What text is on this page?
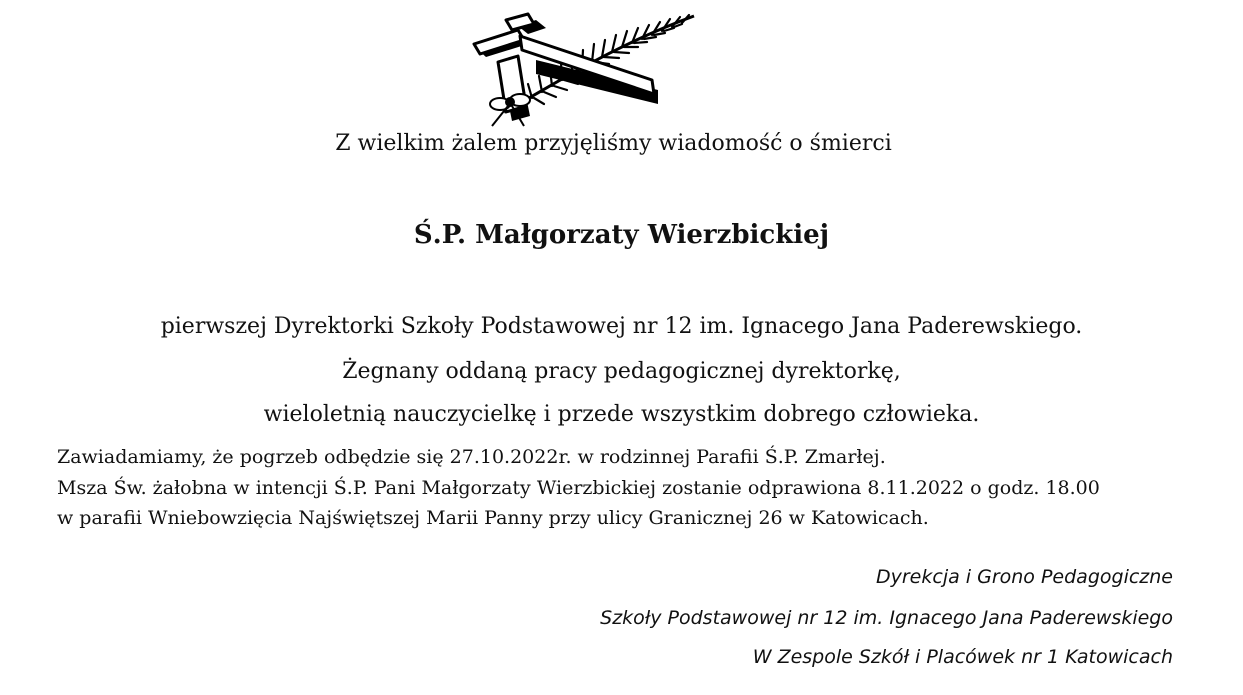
Z wielkim żalem przyjęliśmy wiadomość o śmierci
Ś.P. Małgorzaty Wierzbickiej
pierwszej Dyrektorki Szkoły Podstawowej nr 12 im. Ignacego Jana Paderewskiego.
Żegnany oddaną pracy pedagogicznej dyrektorkę,
wieloletnią nauczycielkę i przede wszystkim dobrego człowieka.
Zawiadamiamy, że pogrzeb odbędzie się 27.10.2022r. w rodzinnej Parafii Ś.P. Zmarłej.
Msza Św. żałobna w intencji Ś.P. Pani Małgorzaty Wierzbickiej zostanie odprawiona 8.11.2022 o godz. 18.00
w parafii Wniebowzięcia Najświętszej Marii Panny przy ulicy Granicznej 26 w Katowicach.
Dyrekcja i Grono Pedagogiczne
Szkoły Podstawowej nr 12 im. Ignacego Jana Paderewskiego
W Zespole Szkół i Placówek nr 1 Katowicach
